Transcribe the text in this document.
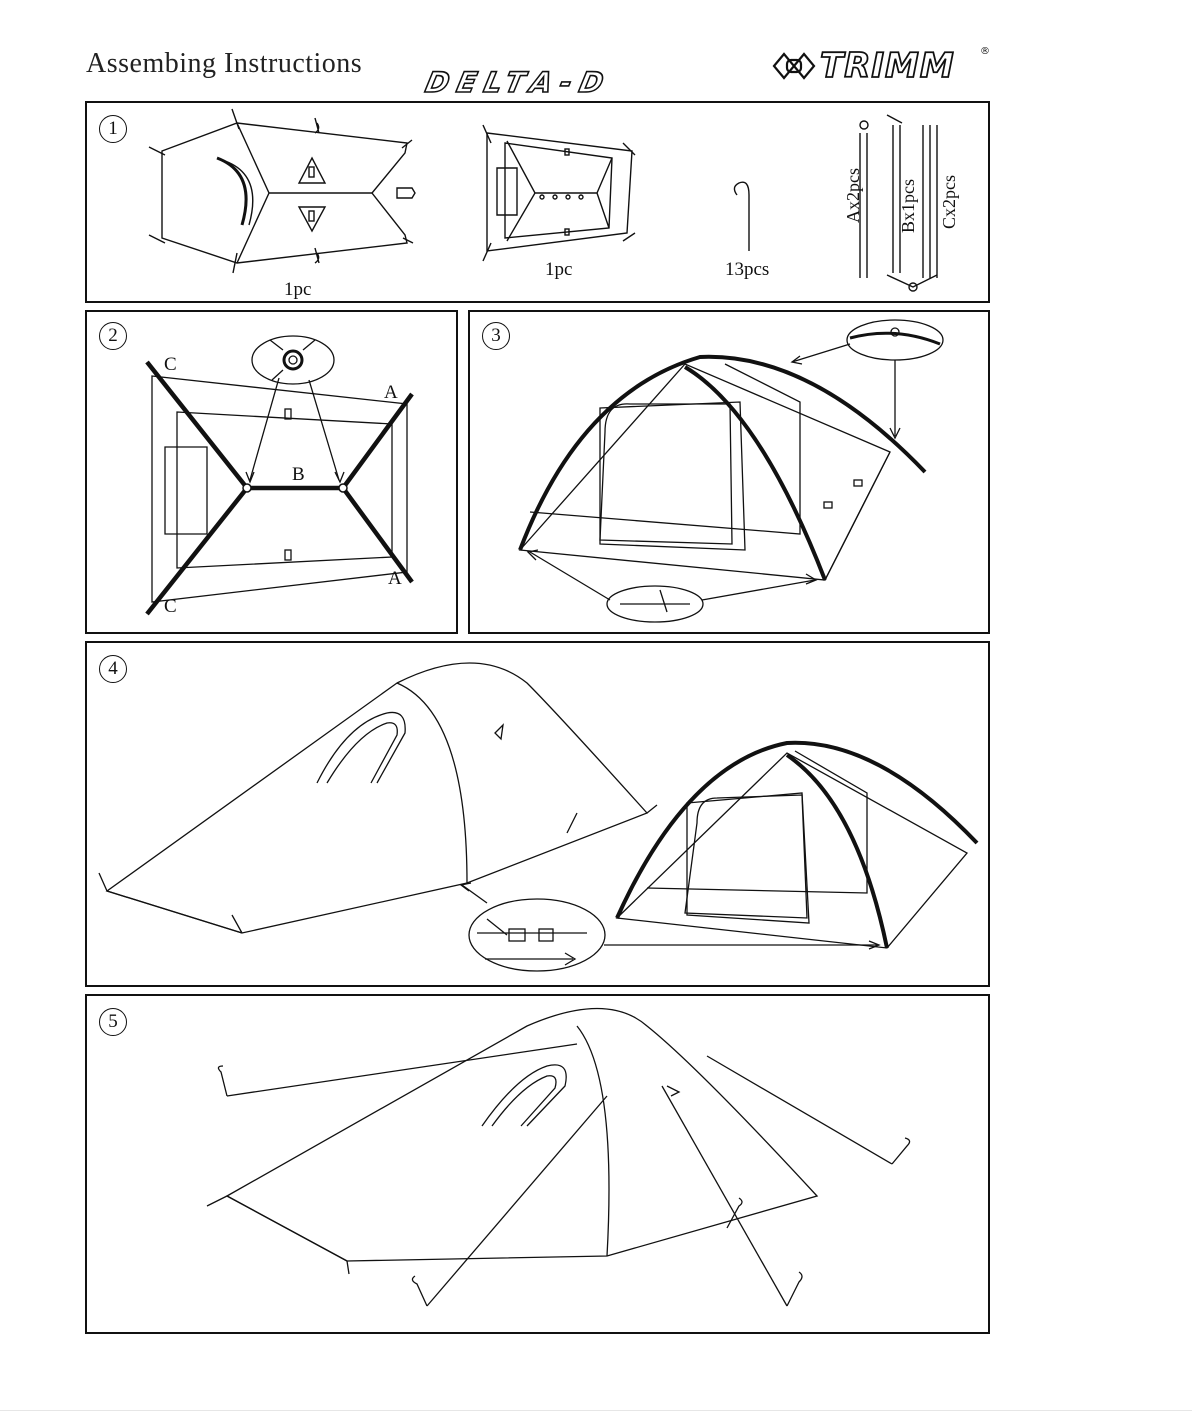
Assembing Instructions
DELTA-D	TRIMM	®
1
1pc
1pc	13pcs
Ax2pcs Bx1pcs Cx2pcs
2
C
A
B
A
C
3
4
5
